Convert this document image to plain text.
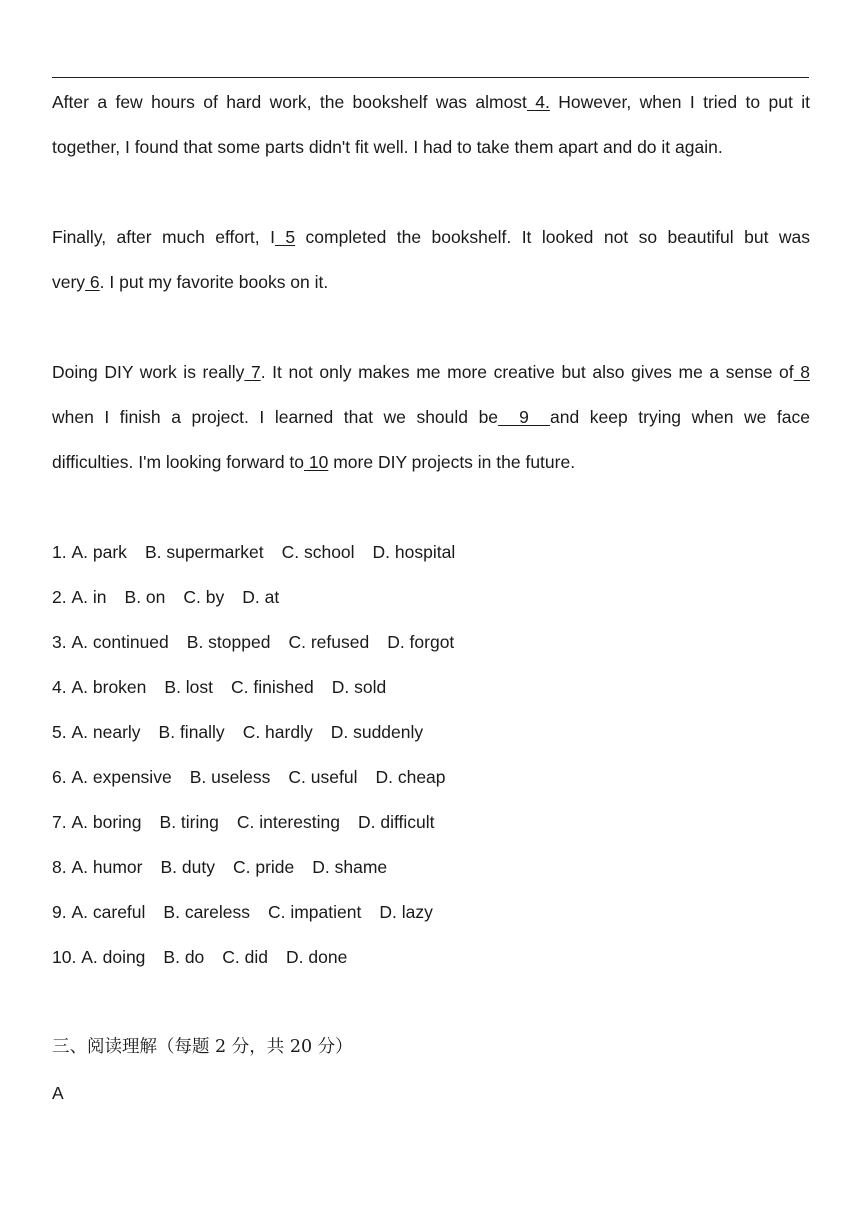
After a few hours of hard work, the bookshelf was almost 4. However, when I tried to put it
together, I found that some parts didn't fit well. I had to take them apart and do it again.
Finally, after much effort, I 5 completed the bookshelf. It looked not so beautiful but was
very 6. I put my favorite books on it.
Doing DIY work is really 7. It not only makes me more creative but also gives me a sense of 8
when I finish a project. I learned that we should be  9  and keep trying when we face
difficulties. I'm looking forward to 10 more DIY projects in the future.
1. A. park B. supermarket C. school D. hospital
2. A. in B. on C. by D. at
3. A. continued B. stopped C. refused D. forgot
4. A. broken B. lost C. finished D. sold
5. A. nearly B. finally C. hardly D. suddenly
6. A. expensive B. useless C. useful D. cheap
7. A. boring B. tiring C. interesting D. difficult
8. A. humor B. duty C. pride D. shame
9. A. careful B. careless C. impatient D. lazy
10. A. doing B. do C. did D. done
三、阅读理解（每题 2 分，共 20 分）
A
